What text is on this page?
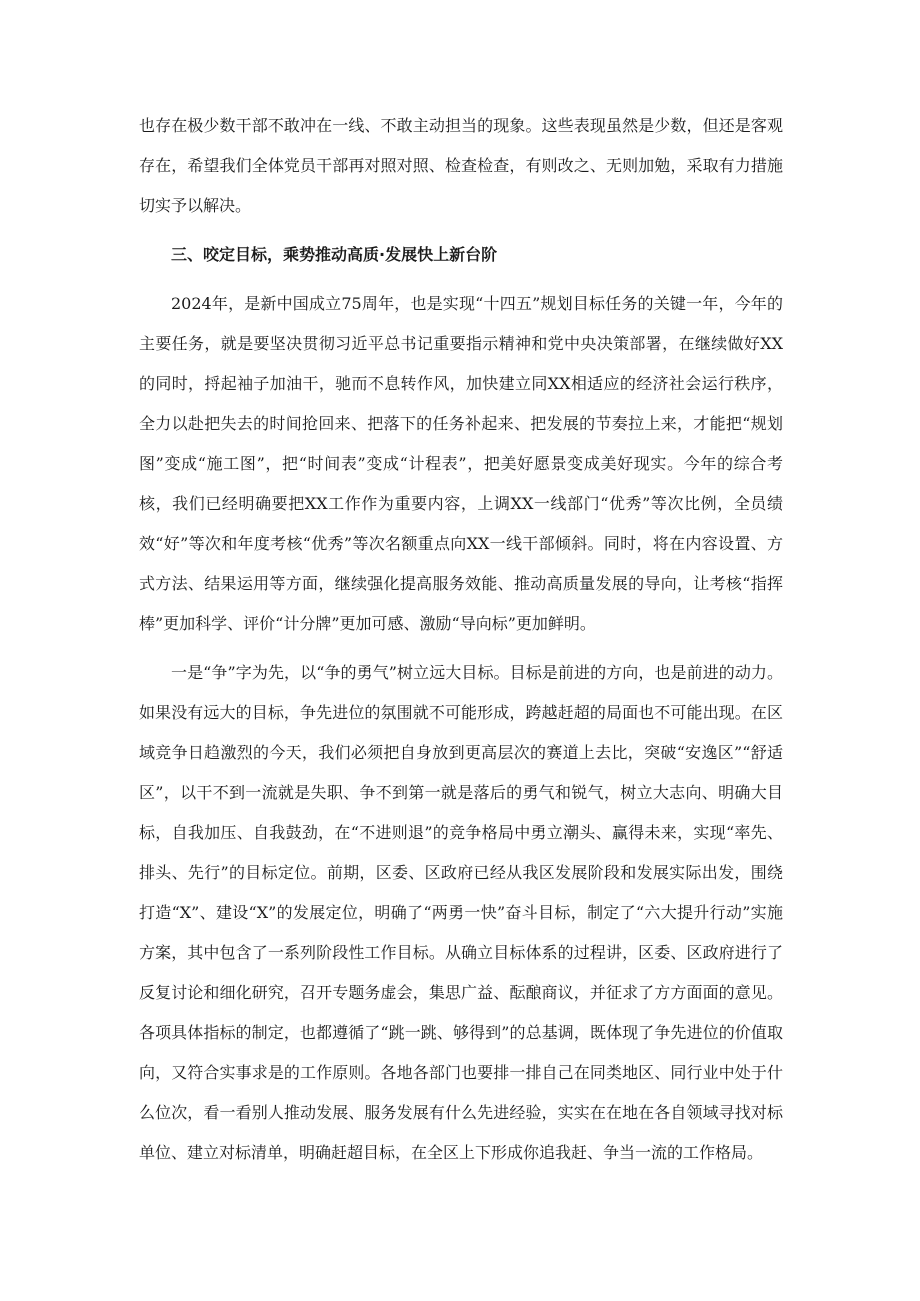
也存在极少数干部不敢冲在一线、不敢主动担当的现象。这些表现虽然是少数，但还是客观存在，希望我们全体党员干部再对照对照、检查检查，有则改之、无则加勉，采取有力措施切实予以解决。

三、咬定目标，乘势推动高质·发展快上新台阶

2024年，是新中国成立75周年，也是实现“十四五”规划目标任务的关键一年，今年的主要任务，就是要坚决贯彻习近平总书记重要指示精神和党中央决策部署，在继续做好XX的同时，捋起袖子加油干，驰而不息转作风，加快建立同XX相适应的经济社会运行秩序，全力以赴把失去的时间抢回来、把落下的任务补起来、把发展的节奏拉上来，才能把“规划图”变成“施工图”，把“时间表”变成“计程表”，把美好愿景变成美好现实。今年的综合考核，我们已经明确要把XX工作作为重要内容，上调XX一线部门“优秀”等次比例，全员绩效“好”等次和年度考核“优秀”等次名额重点向XX一线干部倾斜。同时，将在内容设置、方式方法、结果运用等方面，继续强化提高服务效能、推动高质量发展的导向，让考核“指挥棒”更加科学、评价“计分牌”更加可感、激励“导向标”更加鲜明。

一是“争”字为先，以“争的勇气”树立远大目标。目标是前进的方向，也是前进的动力。如果没有远大的目标，争先进位的氛围就不可能形成，跨越赶超的局面也不可能出现。在区域竞争日趋激烈的今天，我们必须把自身放到更高层次的赛道上去比，突破“安逸区”“舒适区”，以干不到一流就是失职、争不到第一就是落后的勇气和锐气，树立大志向、明确大目标，自我加压、自我鼓劲，在“不进则退”的竞争格局中勇立潮头、赢得未来，实现“率先、排头、先行”的目标定位。前期，区委、区政府已经从我区发展阶段和发展实际出发，围绕打造“X”、建设“X”的发展定位，明确了“两勇一快”奋斗目标，制定了“六大提升行动”实施方案，其中包含了一系列阶段性工作目标。从确立目标体系的过程讲，区委、区政府进行了反复讨论和细化研究，召开专题务虚会，集思广益、酝酿商议，并征求了方方面面的意见。各项具体指标的制定，也都遵循了“跳一跳、够得到”的总基调，既体现了争先进位的价值取向，又符合实事求是的工作原则。各地各部门也要排一排自己在同类地区、同行业中处于什么位次，看一看别人推动发展、服务发展有什么先进经验，实实在在地在各自领域寻找对标单位、建立对标清单，明确赶超目标，在全区上下形成你追我赶、争当一流的工作格局。
